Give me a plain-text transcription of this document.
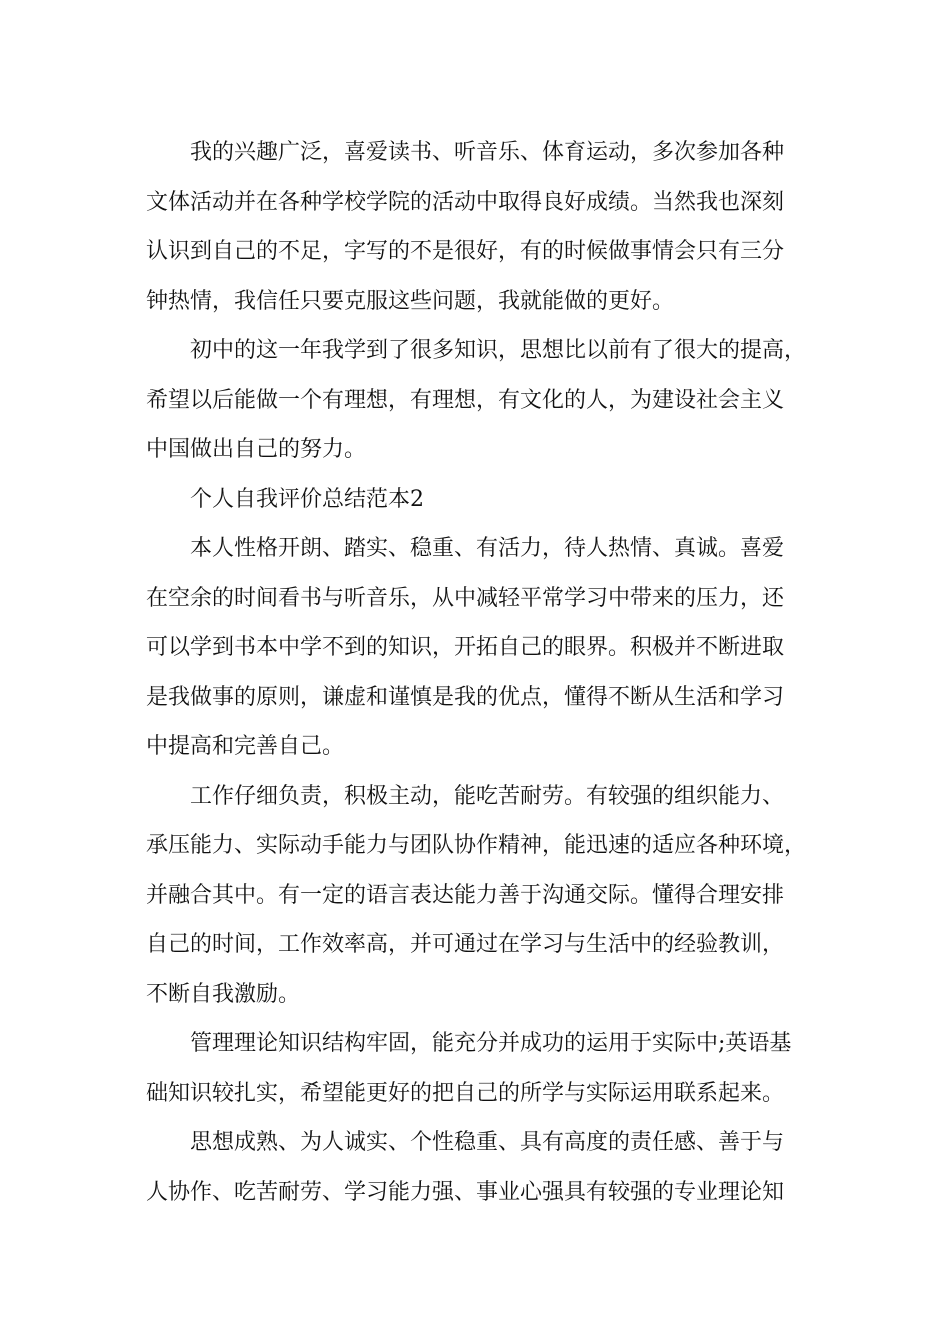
我的兴趣广泛，喜爱读书、听音乐、体育运动，多次参加各种
文体活动并在各种学校学院的活动中取得良好成绩。当然我也深刻
认识到自己的不足，字写的不是很好，有的时候做事情会只有三分
钟热情，我信任只要克服这些问题，我就能做的更好。
初中的这一年我学到了很多知识，思想比以前有了很大的提高，
希望以后能做一个有理想，有理想，有文化的人，为建设社会主义
中国做出自己的努力。
个人自我评价总结范本2
本人性格开朗、踏实、稳重、有活力，待人热情、真诚。喜爱
在空余的时间看书与听音乐，从中减轻平常学习中带来的压力，还
可以学到书本中学不到的知识，开拓自己的眼界。积极并不断进取
是我做事的原则，谦虚和谨慎是我的优点，懂得不断从生活和学习
中提高和完善自己。
工作仔细负责，积极主动，能吃苦耐劳。有较强的组织能力、
承压能力、实际动手能力与团队协作精神，能迅速的适应各种环境，
并融合其中。有一定的语言表达能力善于沟通交际。懂得合理安排
自己的时间，工作效率高，并可通过在学习与生活中的经验教训，
不断自我激励。
管理理论知识结构牢固，能充分并成功的运用于实际中;英语基
础知识较扎实，希望能更好的把自己的所学与实际运用联系起来。
思想成熟、为人诚实、个性稳重、具有高度的责任感、善于与
人协作、吃苦耐劳、学习能力强、事业心强具有较强的专业理论知
